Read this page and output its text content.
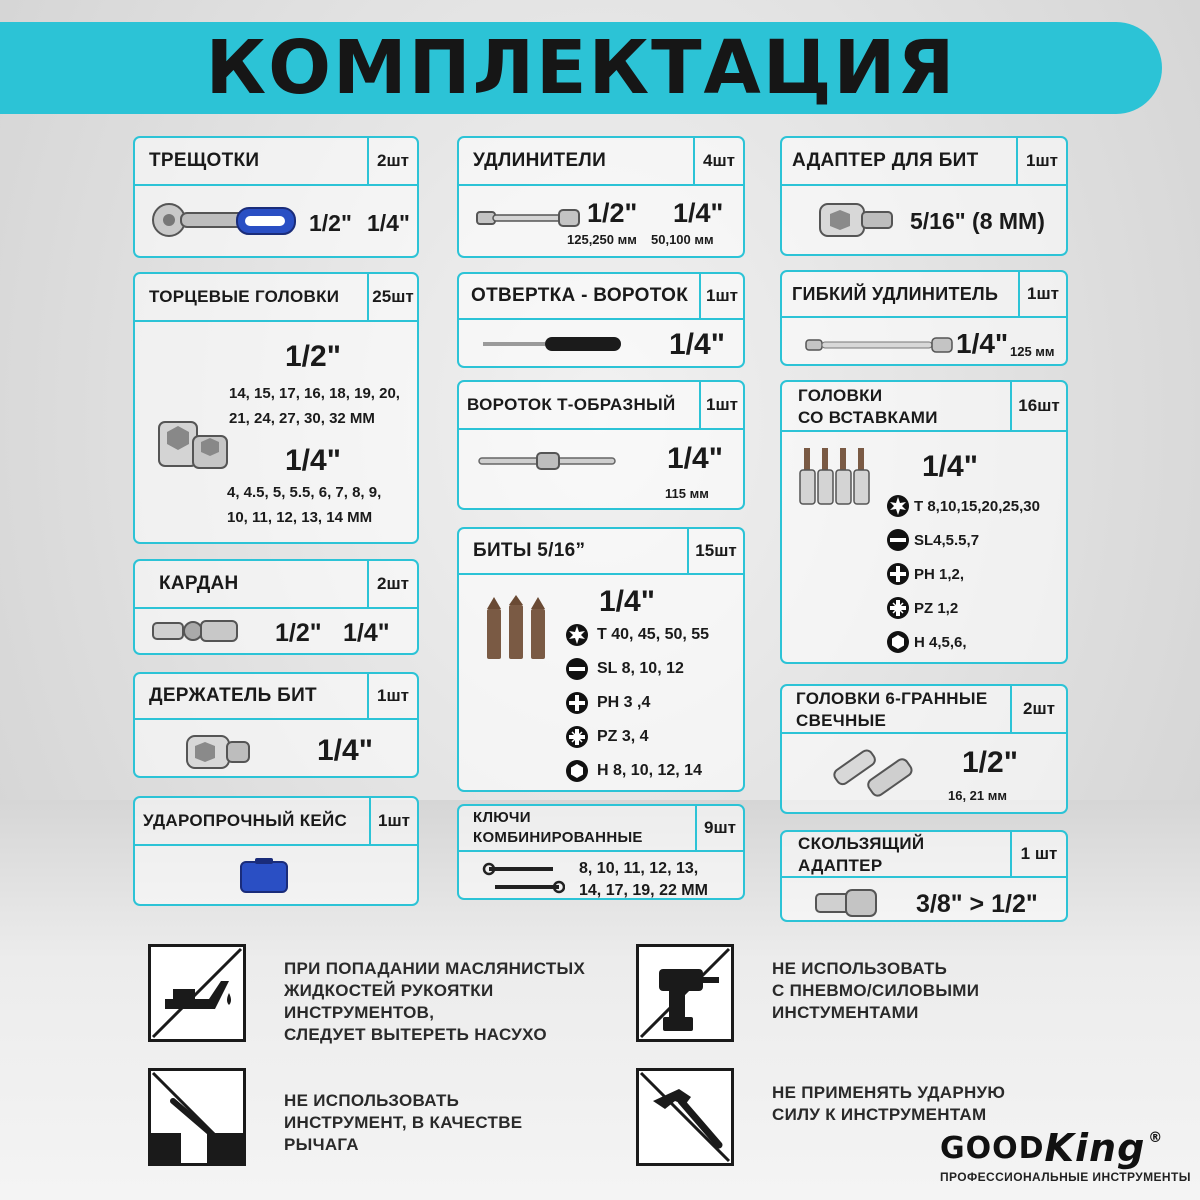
КОМПЛЕКТАЦИЯ
ТРЕЩОТКИ	2шт
1/2" 1/4"
ТОРЦЕВЫЕ ГОЛОВКИ	25шт
1/2"
14, 15, 17, 16, 18, 19, 20,
21, 24, 27, 30, 32 ММ
1/4"
4, 4.5, 5, 5.5, 6, 7, 8, 9,
10, 11, 12, 13, 14 ММ
КАРДАН	2шт
1/2" 1/4"
ДЕРЖАТЕЛЬ БИТ	1шт
1/4"
УДАРОПРОЧНЫЙ КЕЙС	1шт
УДЛИНИТЕЛИ	4шт
1/2" 1/4"
125,250 мм 50,100 мм
ОТВЕРТКА - ВОРОТОК	1шт
1/4"
ВОРОТОК Т-ОБРАЗНЫЙ	1шт
1/4"
115 мм
БИТЫ 5/16”	15шт
1/4"
T 40, 45, 50, 55
SL 8, 10, 12
PH 3 ,4
PZ 3, 4
H 8, 10, 12, 14
КЛЮЧИ
КОМБИНИРОВАННЫЕ
9шт
8, 10, 11, 12, 13,
14, 17, 19, 22 ММ
АДАПТЕР ДЛЯ БИТ	1шт
5/16" (8 ММ)
ГИБКИЙ УДЛИНИТЕЛЬ	1шт
1/4" 125 мм
ГОЛОВКИ
СО ВСТАВКАМИ
16шт
1/4"
T 8,10,15,20,25,30
SL4,5.5,7
PH 1,2,
PZ 1,2
H 4,5,6,
ГОЛОВКИ 6-ГРАННЫЕ
СВЕЧНЫЕ
2шт
1/2"
16, 21 мм
СКОЛЬЗЯЩИЙ
АДАПТЕР
1 шт
3/8" > 1/2"
ПРИ ПОПАДАНИИ МАСЛЯНИСТЫХ
ЖИДКОСТЕЙ РУКОЯТКИ
ИНСТРУМЕНТОВ,
СЛЕДУЕТ ВЫТЕРЕТЬ НАСУХО
НЕ ИСПОЛЬЗОВАТЬ
С ПНЕВМО/СИЛОВЫМИ
ИНСТУМЕНТАМИ
НЕ ИСПОЛЬЗОВАТЬ
ИНСТРУМЕНТ, В КАЧЕСТВЕ
РЫЧАГА
НЕ ПРИМЕНЯТЬ УДАРНУЮ
СИЛУ К ИНСТРУМЕНТАМ
GOOD King ®
ПРОФЕССИОНАЛЬНЫЕ ИНСТРУМЕНТЫ
